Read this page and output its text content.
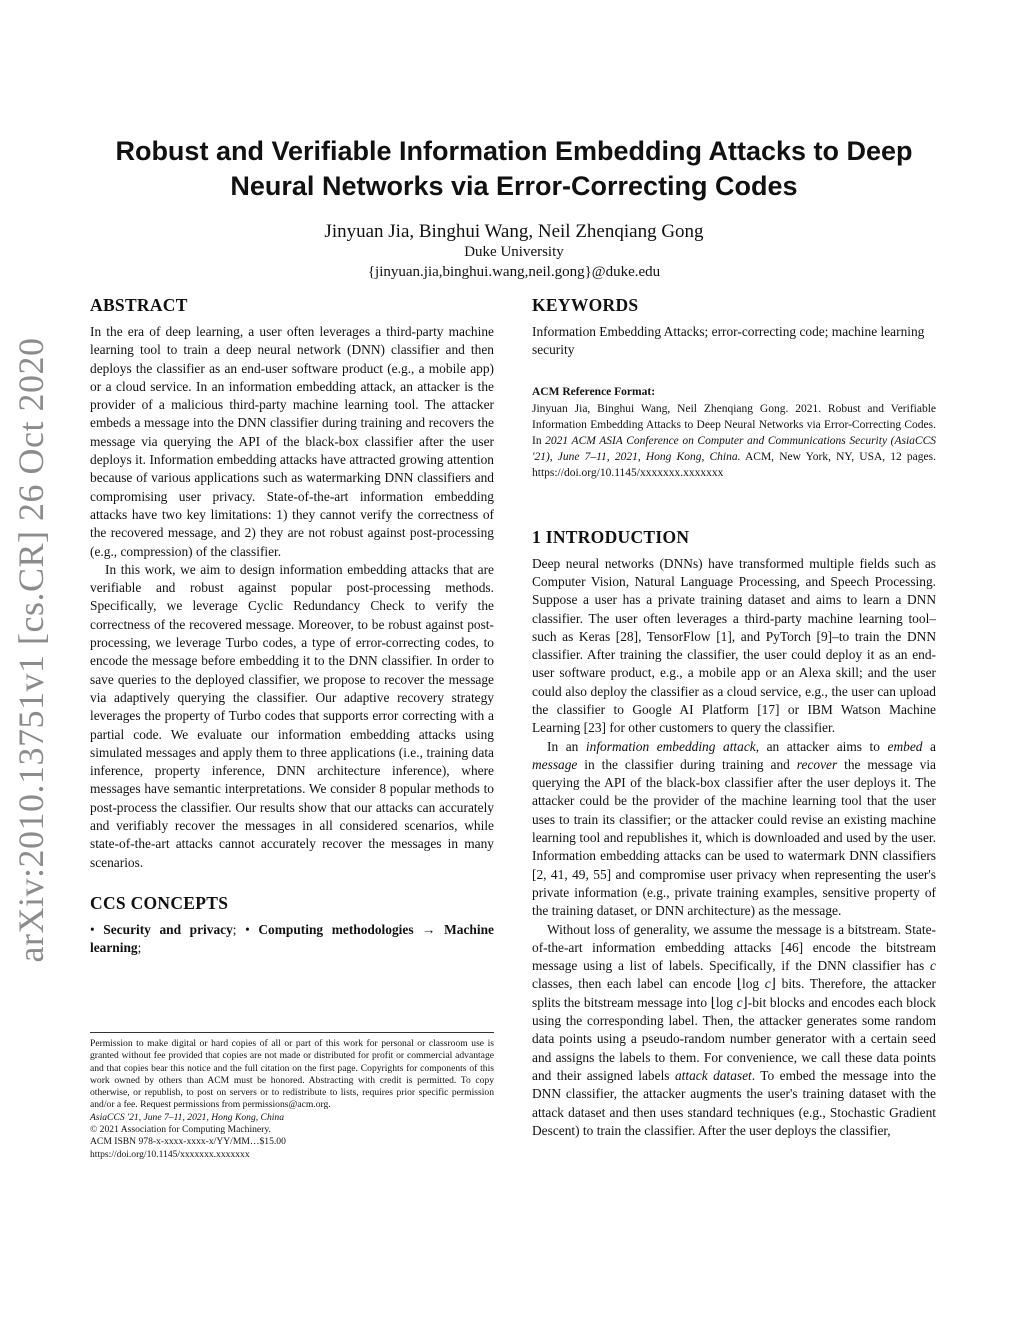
arXiv:2010.13751v1 [cs.CR] 26 Oct 2020
Robust and Verifiable Information Embedding Attacks to Deep
Neural Networks via Error-Correcting Codes
Jinyuan Jia, Binghui Wang, Neil Zhenqiang Gong
Duke University
{jinyuan.jia,binghui.wang,neil.gong}@duke.edu
ABSTRACT

In the era of deep learning, a user often leverages a third-party machine learning tool to train a deep neural network (DNN) classifier and then deploys the classifier as an end-user software product (e.g., a mobile app) or a cloud service. In an information embedding attack, an attacker is the provider of a malicious third-party machine learning tool. The attacker embeds a message into the DNN classifier during training and recovers the message via querying the API of the black-box classifier after the user deploys it. Information embedding attacks have attracted growing attention because of various applications such as watermarking DNN classifiers and compromising user privacy. State-of-the-art information embedding attacks have two key limitations: 1) they cannot verify the correctness of the recovered message, and 2) they are not robust against post-processing (e.g., compression) of the classifier.

In this work, we aim to design information embedding attacks that are verifiable and robust against popular post-processing methods. Specifically, we leverage Cyclic Redundancy Check to verify the correctness of the recovered message. Moreover, to be robust against post-processing, we leverage Turbo codes, a type of error-correcting codes, to encode the message before embedding it to the DNN classifier. In order to save queries to the deployed classifier, we propose to recover the message via adaptively querying the classifier. Our adaptive recovery strategy leverages the property of Turbo codes that supports error correcting with a partial code. We evaluate our information embedding attacks using simulated messages and apply them to three applications (i.e., training data inference, property inference, DNN architecture inference), where messages have semantic interpretations. We consider 8 popular methods to post-process the classifier. Our results show that our attacks can accurately and verifiably recover the messages in all considered scenarios, while state-of-the-art attacks cannot accurately recover the messages in many scenarios.

CCS CONCEPTS

• Security and privacy; • Computing methodologies → Machine learning;

Permission to make digital or hard copies of all or part of this work for personal or classroom use is granted without fee provided that copies are not made or distributed for profit or commercial advantage and that copies bear this notice and the full citation on the first page. Copyrights for components of this work owned by others than ACM must be honored. Abstracting with credit is permitted. To copy otherwise, or republish, to post on servers or to redistribute to lists, requires prior specific permission and/or a fee. Request permissions from permissions@acm.org.
AsiaCCS '21, June 7–11, 2021, Hong Kong, China
© 2021 Association for Computing Machinery.
ACM ISBN 978-x-xxxx-xxxx-x/YY/MM…$15.00
https://doi.org/10.1145/xxxxxxx.xxxxxxx
KEYWORDS

Information Embedding Attacks; error-correcting code; machine learning security

ACM Reference Format:

Jinyuan Jia, Binghui Wang, Neil Zhenqiang Gong. 2021. Robust and Verifiable Information Embedding Attacks to Deep Neural Networks via Error-Correcting Codes. In 2021 ACM ASIA Conference on Computer and Communications Security (AsiaCCS '21), June 7–11, 2021, Hong Kong, China. ACM, New York, NY, USA, 12 pages. https://doi.org/10.1145/xxxxxxx.xxxxxxx

1 INTRODUCTION

Deep neural networks (DNNs) have transformed multiple fields such as Computer Vision, Natural Language Processing, and Speech Processing. Suppose a user has a private training dataset and aims to learn a DNN classifier. The user often leverages a third-party machine learning tool–such as Keras [28], TensorFlow [1], and PyTorch [9]–to train the DNN classifier. After training the classifier, the user could deploy it as an end-user software product, e.g., a mobile app or an Alexa skill; and the user could also deploy the classifier as a cloud service, e.g., the user can upload the classifier to Google AI Platform [17] or IBM Watson Machine Learning [23] for other customers to query the classifier.

In an information embedding attack, an attacker aims to embed a message in the classifier during training and recover the message via querying the API of the black-box classifier after the user deploys it. The attacker could be the provider of the machine learning tool that the user uses to train its classifier; or the attacker could revise an existing machine learning tool and republishes it, which is downloaded and used by the user. Information embedding attacks can be used to watermark DNN classifiers [2, 41, 49, 55] and compromise user privacy when representing the user's private information (e.g., private training examples, sensitive property of the training dataset, or DNN architecture) as the message.

Without loss of generality, we assume the message is a bitstream. State-of-the-art information embedding attacks [46] encode the bitstream message using a list of labels. Specifically, if the DNN classifier has c classes, then each label can encode ⌊log c⌋ bits. Therefore, the attacker splits the bitstream message into ⌊log c⌋-bit blocks and encodes each block using the corresponding label. Then, the attacker generates some random data points using a pseudo-random number generator with a certain seed and assigns the labels to them. For convenience, we call these data points and their assigned labels attack dataset. To embed the message into the DNN classifier, the attacker augments the user's training dataset with the attack dataset and then uses standard techniques (e.g., Stochastic Gradient Descent) to train the classifier. After the user deploys the classifier,
